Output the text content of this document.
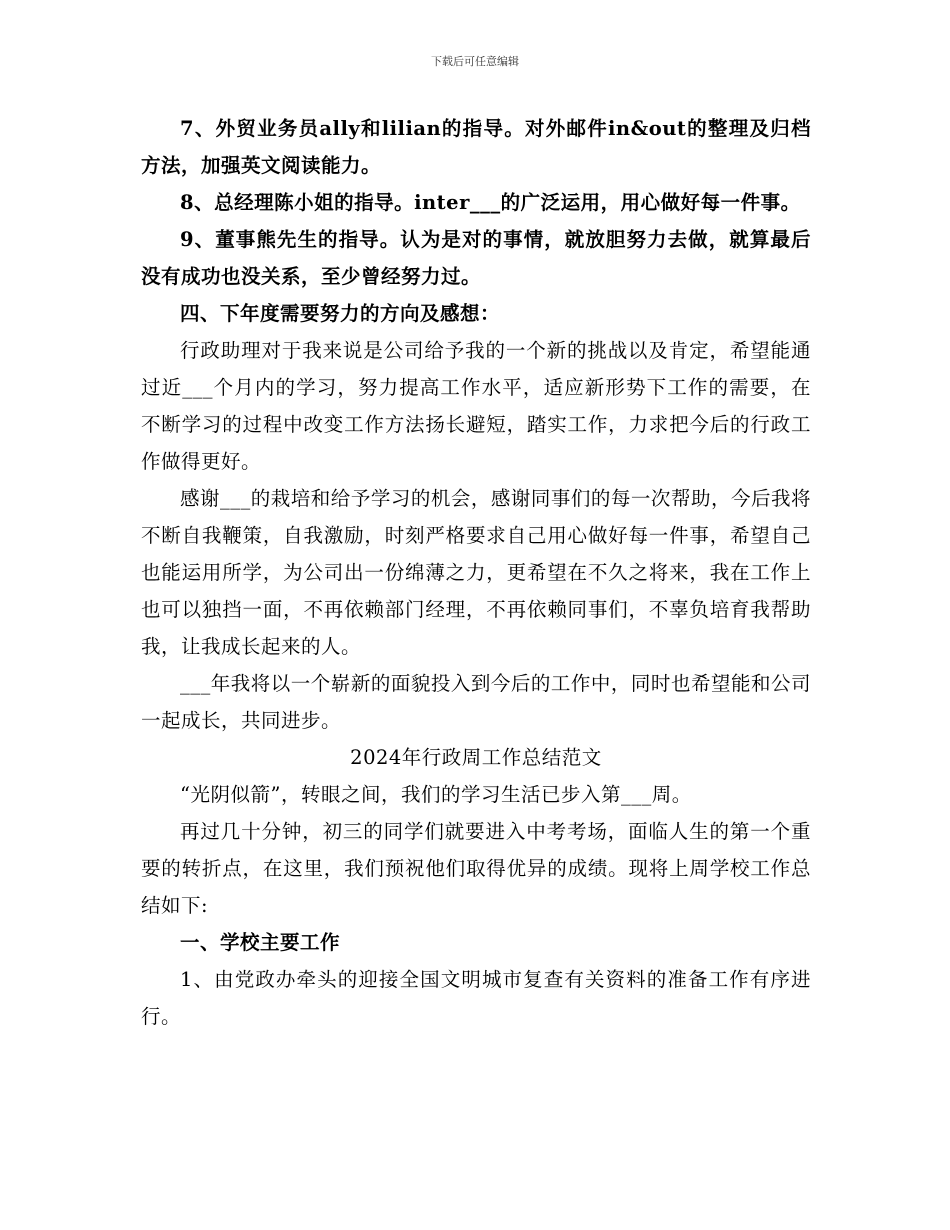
下载后可任意编辑

7、外贸业务员ally和lilian的指导。对外邮件in&out的整理及归档方法，加强英文阅读能力。

8、总经理陈小姐的指导。inter___的广泛运用，用心做好每一件事。

9、董事熊先生的指导。认为是对的事情，就放胆努力去做，就算最后没有成功也没关系，至少曾经努力过。

四、下年度需要努力的方向及感想：

行政助理对于我来说是公司给予我的一个新的挑战以及肯定，希望能通过近___个月内的学习，努力提高工作水平，适应新形势下工作的需要，在不断学习的过程中改变工作方法扬长避短，踏实工作，力求把今后的行政工作做得更好。

感谢___的栽培和给予学习的机会，感谢同事们的每一次帮助，今后我将不断自我鞭策，自我激励，时刻严格要求自己用心做好每一件事，希望自己也能运用所学，为公司出一份绵薄之力，更希望在不久之将来，我在工作上也可以独挡一面，不再依赖部门经理，不再依赖同事们，不辜负培育我帮助我，让我成长起来的人。

___年我将以一个崭新的面貌投入到今后的工作中，同时也希望能和公司一起成长，共同进步。

2024年行政周工作总结范文

“光阴似箭”，转眼之间，我们的学习生活已步入第___周。

再过几十分钟，初三的同学们就要进入中考考场，面临人生的第一个重要的转折点，在这里，我们预祝他们取得优异的成绩。现将上周学校工作总结如下:

一、学校主要工作

1、由党政办牵头的迎接全国文明城市复查有关资料的准备工作有序进行。
